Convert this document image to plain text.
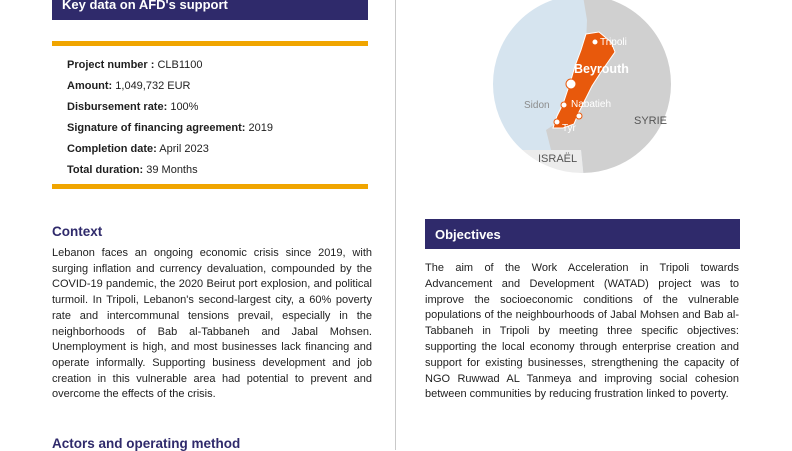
Key data on AFD's support
Project number : CLB1100
Amount: 1,049,732 EUR
Disbursement rate: 100%
Signature of financing agreement: 2019
Completion date: April 2023
Total duration: 39 Months
Tripoli
Beyrouth
Sidon Nabatieh
Tyr
SYRIE
ISRAËL
Context

Lebanon faces an ongoing economic crisis since 2019, with surging inflation and currency devaluation, compounded by the COVID-19 pandemic, the 2020 Beirut port explosion, and political turmoil. In Tripoli, Lebanon's second-largest city, a 60% poverty rate and intercommunal tensions prevail, especially in the neighborhoods of Bab al-Tabbaneh and Jabal Mohsen. Unemployment is high, and most businesses lack financing and operate informally. Supporting business development and job creation in this vulnerable area had potential to prevent and overcome the effects of the crisis.

Actors and operating method
Objectives

The aim of the Work Acceleration in Tripoli towards Advancement and Development (WATAD) project was to improve the socioeconomic conditions of the vulnerable populations of the neighbourhoods of Jabal Mohsen and Bab al-Tabbaneh in Tripoli by meeting three specific objectives: supporting the local economy through enterprise creation and support for existing businesses, strengthening the capacity of NGO Ruwwad AL Tanmeya and improving social cohesion between communities by reducing frustration linked to poverty.
